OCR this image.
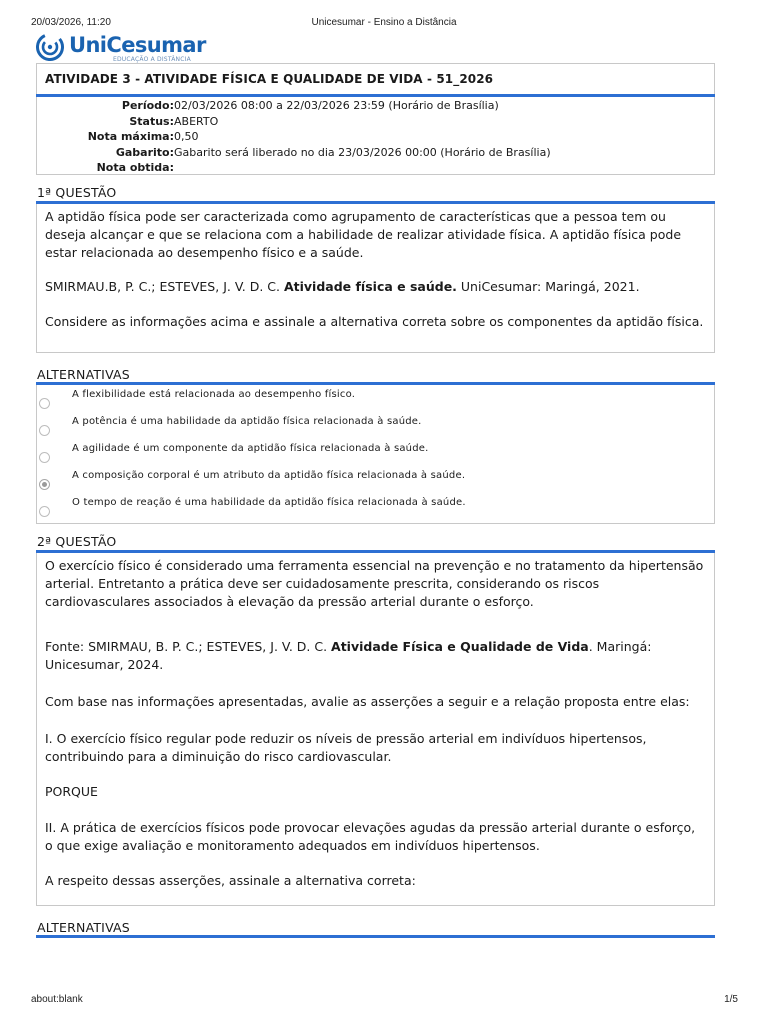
20/03/2026, 11:20	Unicesumar - Ensino a Distância
UniCesumar
EDUCAÇÃO A DISTÂNCIA
ATIVIDADE 3 - ATIVIDADE FÍSICA E QUALIDADE DE VIDA - 51_2026
Período: 02/03/2026 08:00 a 22/03/2026 23:59 (Horário de Brasília)
Status: ABERTO
Nota máxima: 0,50
Gabarito: Gabarito será liberado no dia 23/03/2026 00:00 (Horário de Brasília)
Nota obtida:
1ª QUESTÃO
A aptidão física pode ser caracterizada como agrupamento de características que a pessoa tem ou deseja alcançar e que se relaciona com a habilidade de realizar atividade física. A aptidão física pode estar relacionada ao desempenho físico e a saúde.
SMIRMAU.B, P. C.; ESTEVES, J. V. D. C. Atividade física e saúde. UniCesumar: Maringá, 2021.
Considere as informações acima e assinale a alternativa correta sobre os componentes da aptidão física.
ALTERNATIVAS
A flexibilidade está relacionada ao desempenho físico.
A potência é uma habilidade da aptidão física relacionada à saúde.
A agilidade é um componente da aptidão física relacionada à saúde.
A composição corporal é um atributo da aptidão física relacionada à saúde.
O tempo de reação é uma habilidade da aptidão física relacionada à saúde.
2ª QUESTÃO
O exercício físico é considerado uma ferramenta essencial na prevenção e no tratamento da hipertensão arterial. Entretanto a prática deve ser cuidadosamente prescrita, considerando os riscos cardiovasculares associados à elevação da pressão arterial durante o esforço.
Fonte: SMIRMAU, B. P. C.; ESTEVES, J. V. D. C. Atividade Física e Qualidade de Vida. Maringá: Unicesumar, 2024.
Com base nas informações apresentadas, avalie as asserções a seguir e a relação proposta entre elas:
I. O exercício físico regular pode reduzir os níveis de pressão arterial em indivíduos hipertensos, contribuindo para a diminuição do risco cardiovascular.
PORQUE
II. A prática de exercícios físicos pode provocar elevações agudas da pressão arterial durante o esforço, o que exige avaliação e monitoramento adequados em indivíduos hipertensos.
A respeito dessas asserções, assinale a alternativa correta:
ALTERNATIVAS
about:blank	1/5
